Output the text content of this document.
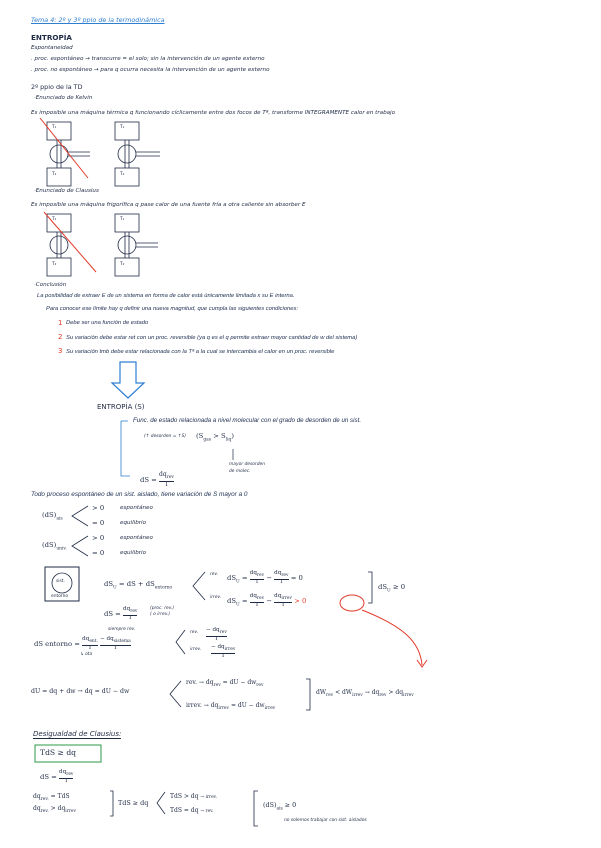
Tema 4: 2º y 3º ppio de la termodinámica
ENTROPÍA
Espontaneidad
. proc. espontáneo → transcurre = el solo; sin la intervención de un agente externo
. proc. no espontáneo → para q ocurra necesita la intervención de un agente externo
2º ppio de la TD
·Enunciado de Kelvin
Es imposible una máquina térmica q funcionando cíclicamente entre dos focos de Tª, transforme INTEGRAMENTE calor en trabajo
T₁
T₂
T₁
T₂
·Enunciado de Clausius
Es imposible una máquina frigorífica q pase calor de una fuente fría a otra caliente sin absorber E
T₁
T₂
T₁
T₂
·Conclusión
La posibilidad de extraer E de un sistema en forma de calor está únicamente limitada x su E interna.
Para conocer ese límite hay q definir una nueva magnitud, que cumpla las siguientes condiciones:
1 Debe ser una función de estado
2 Su variación debe estar ret con un proc. reversible (ya q es el q permite extraer mayor cantidad de w del sistema)
3 Su variación tmb debe estar relacionada con la Tª a la cual se intercambia el calor en un proc. reversible
ENTROPÍA (S)
Func. de estado relacionada a nivel molecular con el grado de desorden de un sist.
(↑ desorden = ↑S) $(S_{gas} > S_{liq})$
mayor desorden
de molec.
dS =
$dq_{rev}$
T
Todo proceso espontáneo de un sist. aislado, tiene variación de S mayor a 0
$(dS)_{ais}$
> 0	espontáneo
= 0	equilibrio
$(dS)_{univ.}$
> 0	espontáneo
= 0	equilibrio
sist.
entorno
$dS_U$ = dS + $dS_{entorno}$
rev. $dS_U$ =
$dq_{rev}$
T	−
$dq_{rev}$
T	= 0
irrev. $dS_U$ =
$dq_{rev}$
T	−
$dq_{irrev}$
T	> 0
$dS_U \ge 0$
dS =
$dq_{rev}$
T
(proc. rev.)
( o irrev.)
dS entorno =
$dq_{ent.}$
T

− $dq_{sistema}$
T
siempre rev.
↳ ota
rev. − $dq_{rev}$
T
irrev. − $dq_{irrev}$
T
dU = dq + dw → dq = dU − dw
rev. → $dq_{rev}$ = dU − $dw_{rev}$
irrev. → $dq_{irrev}$ = dU − $dw_{irrev}$
$dW_{rev} < dW_{irrev} \to dq_{rev} > dq_{irrev}$
Desigualdad de Clausius:
TdS ≥ dq
dS =
$dq_{rev}$
T
$dq_{rev.}$ = TdS
$dq_{rev.} > dq_{irrev}$
TdS ≥ dq
TdS > dq → irrev.
TdS = dq → rev.
$(dS)_{ais} \ge 0$
no solemos trabajar con sist. aislados
